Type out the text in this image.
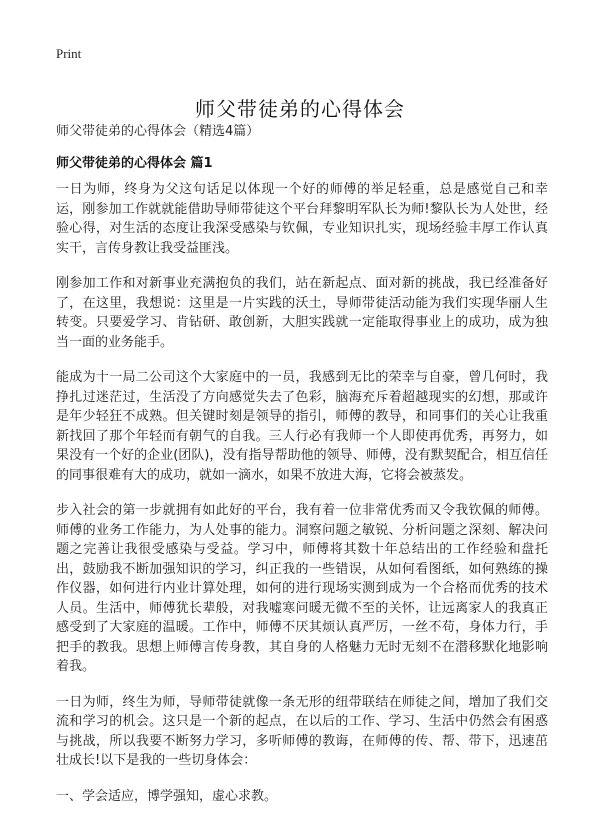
Print
师父带徒弟的心得体会
师父带徒弟的心得体会（精选4篇）
师父带徒弟的心得体会 篇1

一日为师，终身为父这句话足以体现一个好的师傅的举足轻重，总是感觉自己和幸运，刚参加工作就就能借助导师带徒这个平台拜黎明军队长为师!黎队长为人处世，经验心得，对生活的态度让我深受感染与钦佩，专业知识扎实，现场经验丰厚工作认真实干，言传身教让我受益匪浅。

刚参加工作和对新事业充满抱负的我们，站在新起点、面对新的挑战，我已经准备好了，在这里，我想说：这里是一片实践的沃土，导师带徒活动能为我们实现华丽人生转变。只要爱学习、肯钻研、敢创新，大胆实践就一定能取得事业上的成功，成为独当一面的业务能手。

能成为十一局二公司这个大家庭中的一员，我感到无比的荣幸与自豪，曾几何时，我挣扎过迷茫过，生活没了方向感觉失去了色彩，脑海充斥着超越现实的幻想，那或许是年少轻狂不成熟。但关键时刻是领导的指引，师傅的教导，和同事们的关心让我重新找回了那个年轻而有朝气的自我。三人行必有我师一个人即使再优秀，再努力，如果没有一个好的企业(团队)，没有指导帮助他的领导、师傅，没有默契配合，相互信任的同事很难有大的成功，就如一滴水，如果不放进大海，它将会被蒸发。

步入社会的第一步就拥有如此好的平台，我有着一位非常优秀而又令我钦佩的师傅。师傅的业务工作能力，为人处事的能力。洞察问题之敏锐、分析问题之深刻、解决问题之完善让我很受感染与受益。学习中，师傅将其数十年总结出的工作经验和盘托出，鼓励我不断加强知识的学习，纠正我的一些错误，从如何看图纸，如何熟练的操作仪器，如何进行内业计算处理，如何的进行现场实测到成为一个合格而优秀的技术人员。生活中，师傅犹长辈般，对我嘘寒问暖无微不至的关怀，让远离家人的我真正感受到了大家庭的温暖。工作中，师傅不厌其烦认真严厉，一丝不苟，身体力行，手把手的教我。思想上师傅言传身教，其自身的人格魅力无时无刻不在潜移默化地影响着我。

一日为师，终生为师，导师带徒就像一条无形的纽带联结在师徒之间，增加了我们交流和学习的机会。这只是一个新的起点，在以后的工作、学习、生活中仍然会有困惑与挑战，所以我要不断努力学习，多听师傅的教诲，在师傅的传、帮、带下，迅速茁壮成长!以下是我的一些切身体会：

一、学会适应，博学强知，虚心求教。
